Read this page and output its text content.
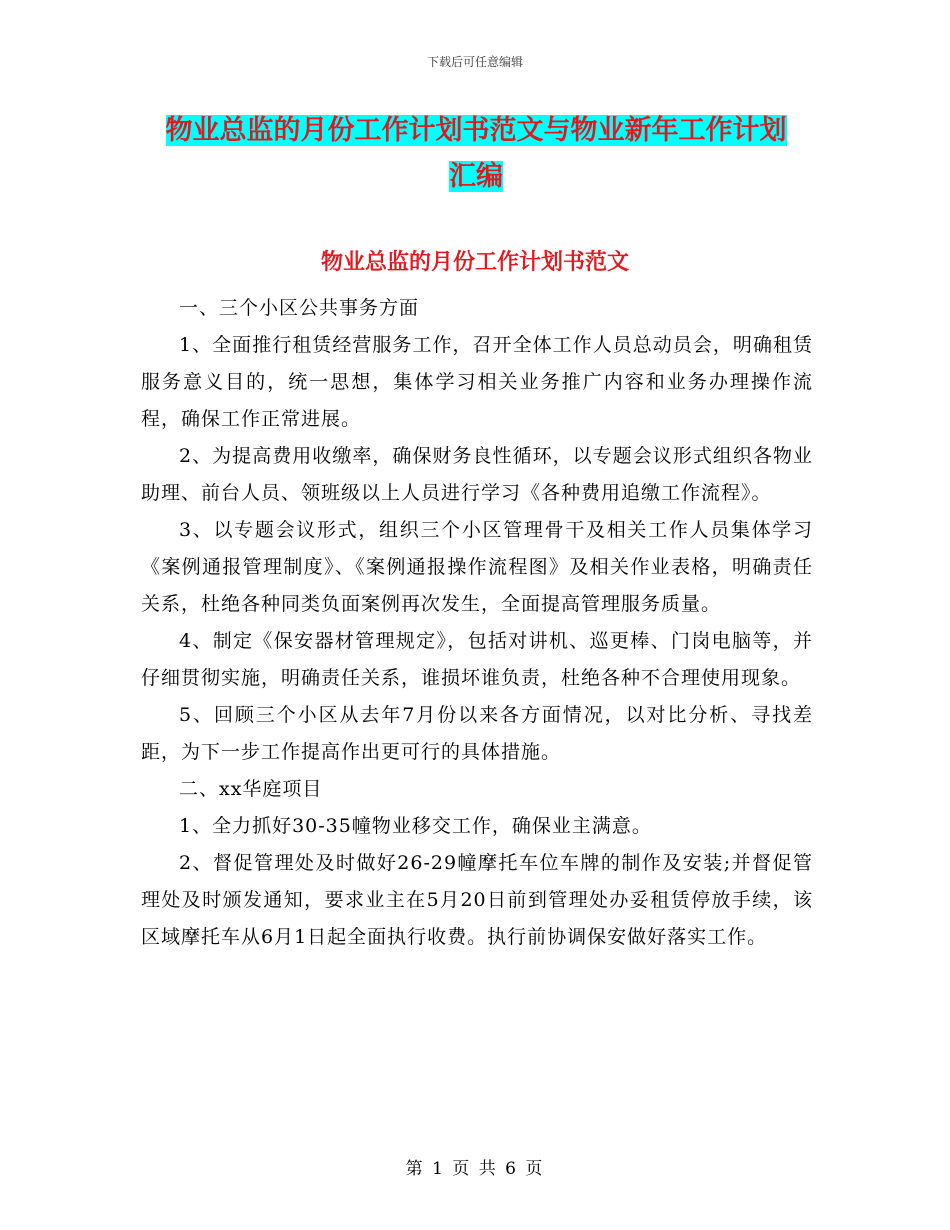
下载后可任意编辑
物业总监的月份工作计划书范文与物业新年工作计划
汇编
物业总监的月份工作计划书范文

一、三个小区公共事务方面

1、全面推行租赁经营服务工作，召开全体工作人员总动员会，明确租赁服务意义目的，统一思想，集体学习相关业务推广内容和业务办理操作流程，确保工作正常进展。

2、为提高费用收缴率，确保财务良性循环，以专题会议形式组织各物业助理、前台人员、领班级以上人员进行学习《各种费用追缴工作流程》。

3、以专题会议形式，组织三个小区管理骨干及相关工作人员集体学习《案例通报管理制度》、《案例通报操作流程图》及相关作业表格，明确责任关系，杜绝各种同类负面案例再次发生，全面提高管理服务质量。

4、制定《保安器材管理规定》，包括对讲机、巡更棒、门岗电脑等，并仔细贯彻实施，明确责任关系，谁损坏谁负责，杜绝各种不合理使用现象。

5、回顾三个小区从去年7月份以来各方面情况，以对比分析、寻找差距，为下一步工作提高作出更可行的具体措施。

二、xx华庭项目

1、全力抓好30-35幢物业移交工作，确保业主满意。

2、督促管理处及时做好26-29幢摩托车位车牌的制作及安装;并督促管理处及时颁发通知，要求业主在5月20日前到管理处办妥租赁停放手续，该区域摩托车从6月1日起全面执行收费。执行前协调保安做好落实工作。

第 1 页 共 6 页
